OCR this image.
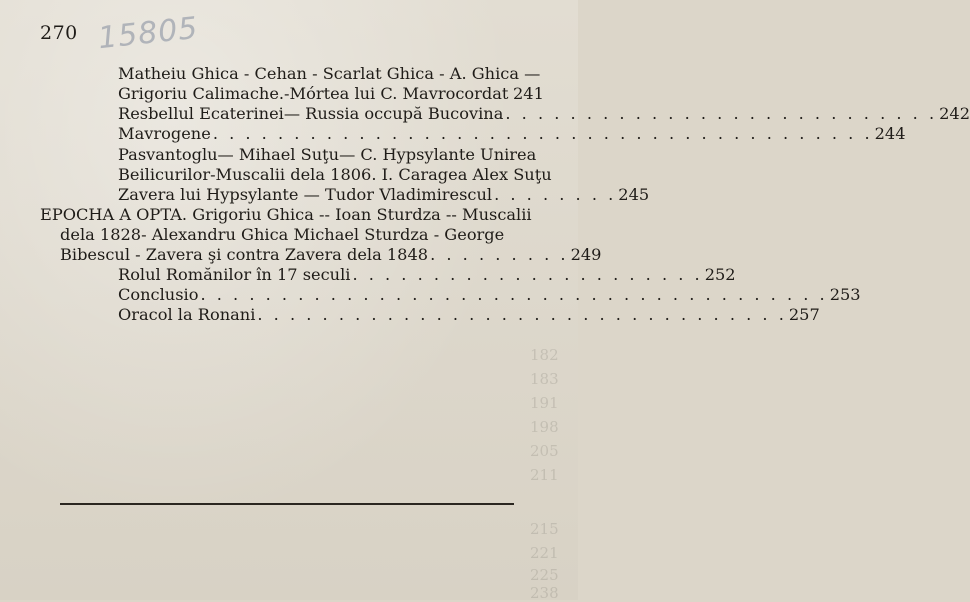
15805
270
182
183
191
198
205
211
215
221
225
238
Matheiu Ghica - Cehan - Scarlat Ghica - A. Ghica —
Grigoriu Calimache.-Mórtea lui C. Mavrocordat 241
Resbellul Ecaterinei— Russia occupă Bucovina . . . . . . . . . . . . . . . . . . . . . . . . . . . 242
Mavrogene . . . . . . . . . . . . . . . . . . . . . . . . . . . . . . . . . . . . . . . . . 244
Pasvantoglu— Mihael Suţu— C. Hypsylante Unirea
Beilicurilor-Muscalii dela 1806. I. Caragea Alex Suţu
Zavera lui Hypsylante — Tudor Vladimirescul . . . . . . . . 245
EPOCHA A OPTA. Grigoriu Ghica -- Ioan Sturdza -- Muscalii
dela 1828- Alexandru Ghica Michael Sturdza - George
Bibescul - Zavera şi contra Zavera dela 1848 . . . . . . . . . 249
Rolul Romănilor în 17 seculi . . . . . . . . . . . . . . . . . . . . . . 252
Conclusio . . . . . . . . . . . . . . . . . . . . . . . . . . . . . . . . . . . . . . . 253
Oracol la Ronani . . . . . . . . . . . . . . . . . . . . . . . . . . . . . . . . . 257
